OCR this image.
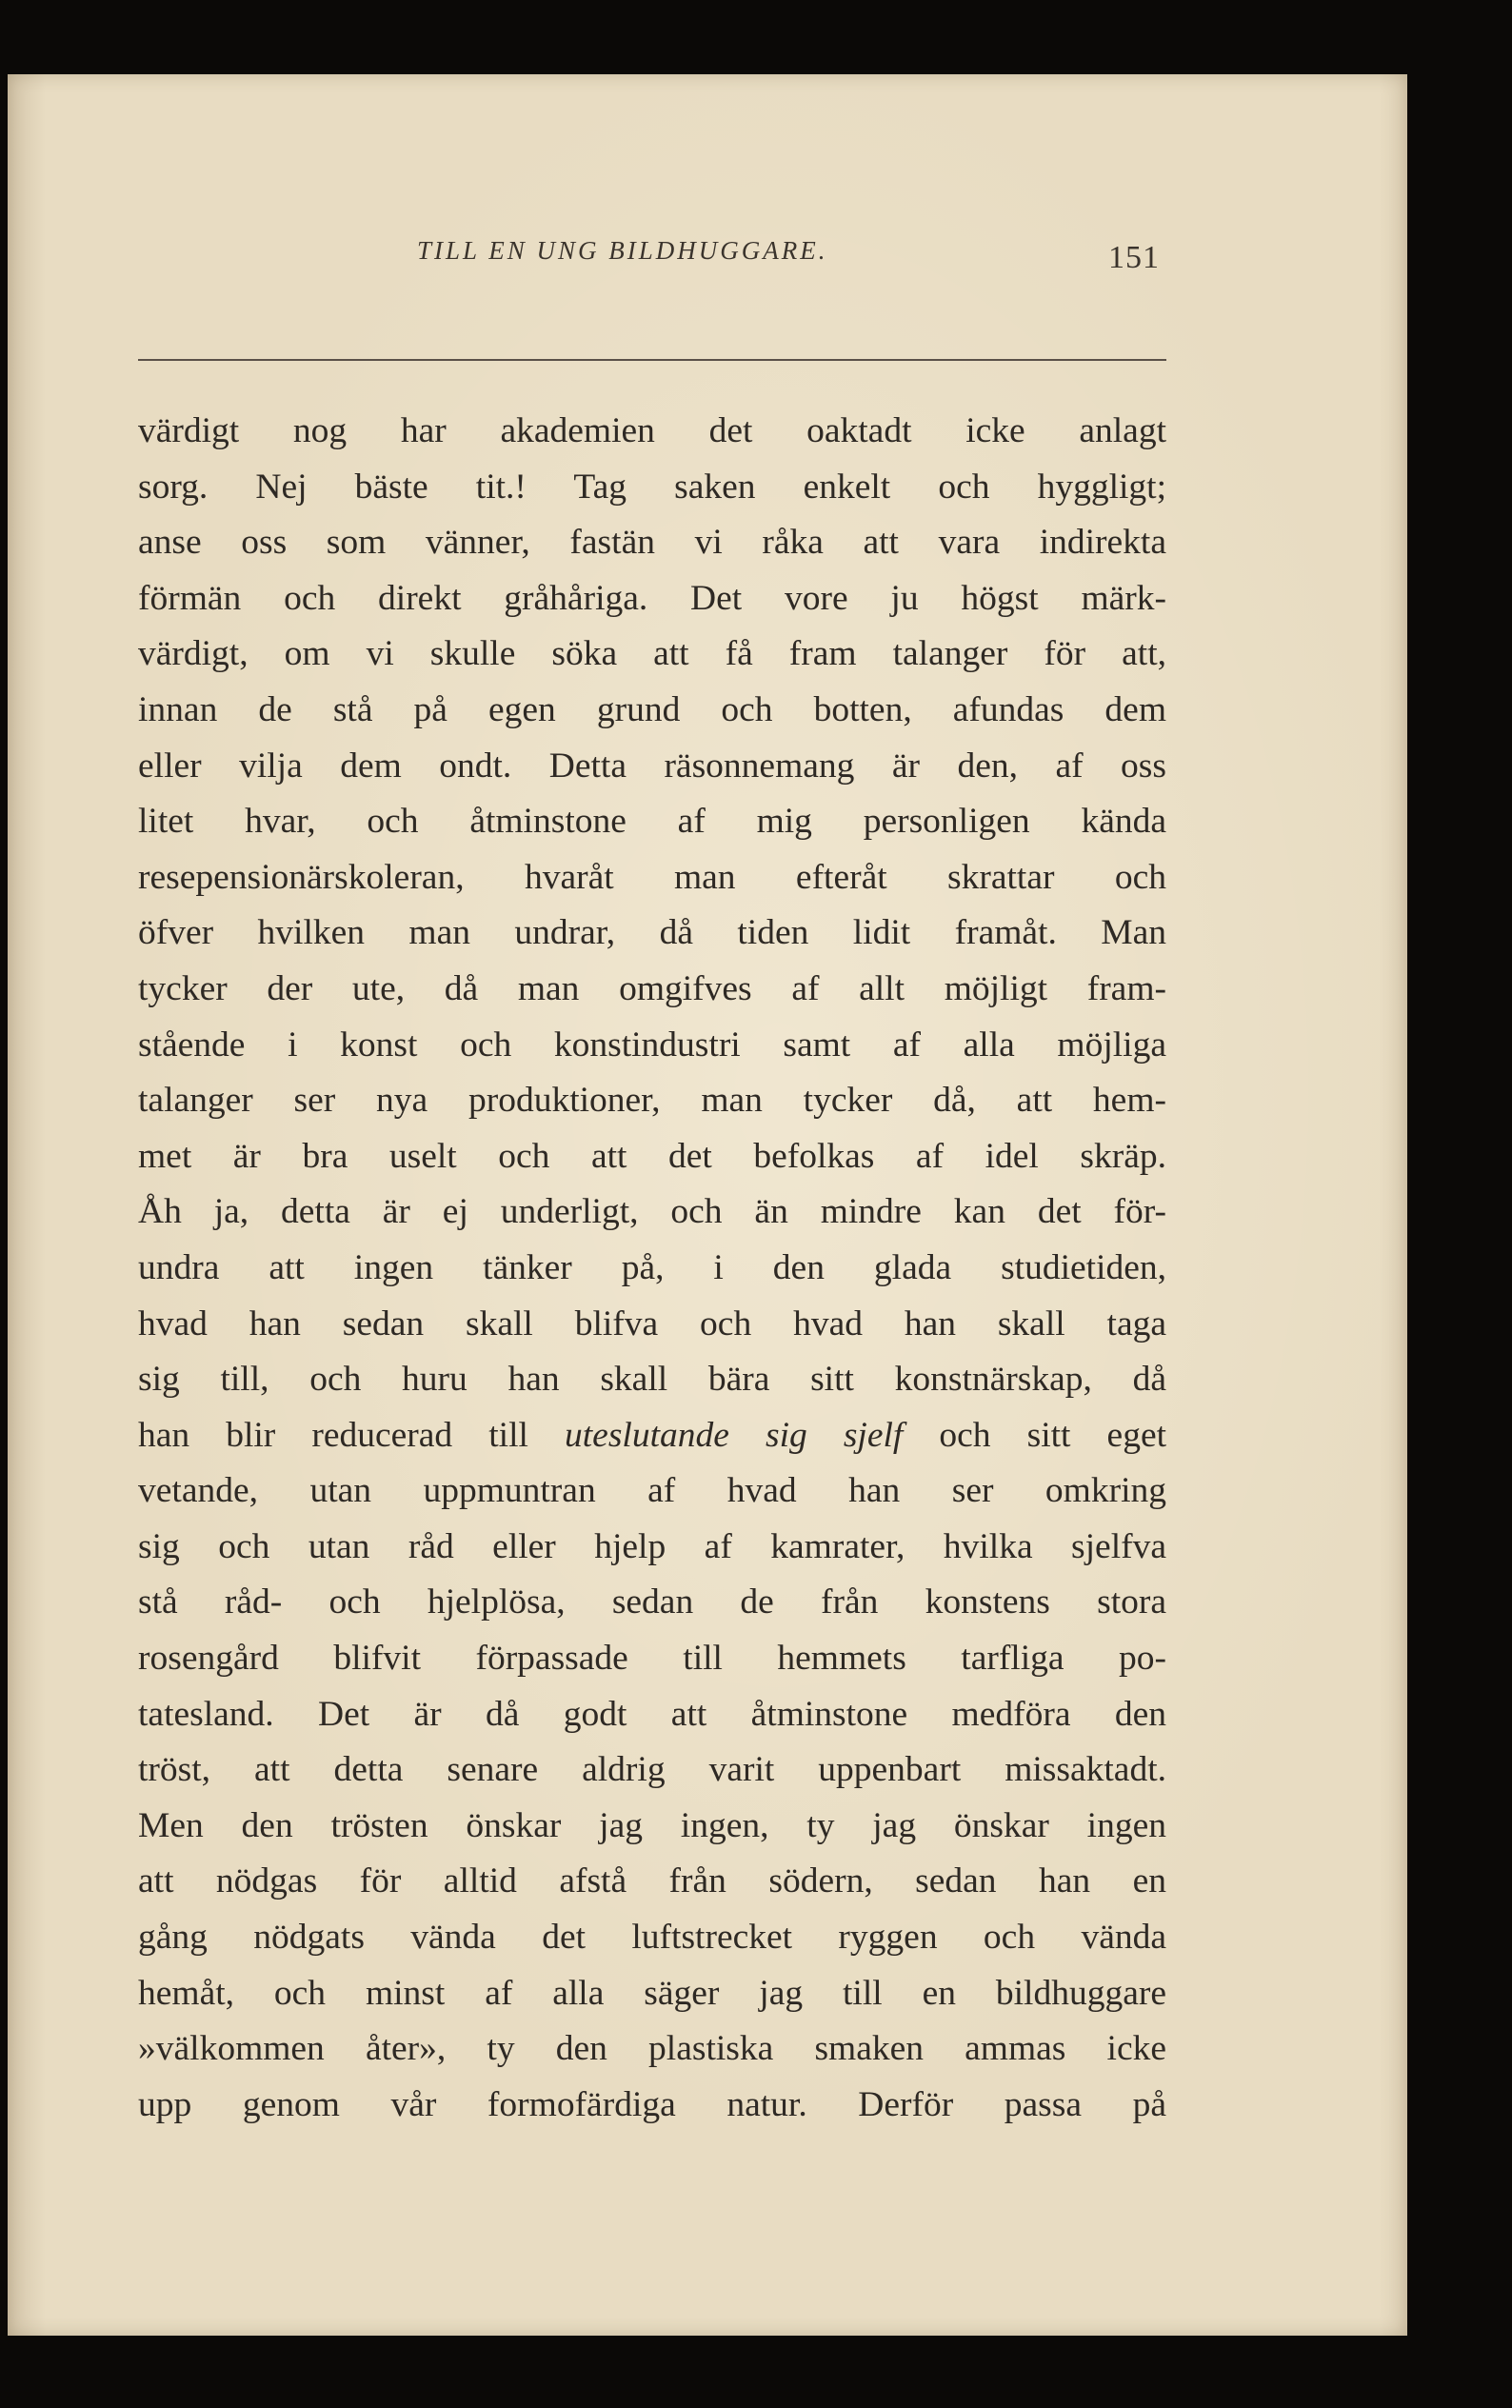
TILL EN UNG BILDHUGGARE.	151
värdigt nog har akademien det oaktadt icke anlagt
sorg. Nej bäste tit.! Tag saken enkelt och hyggligt;
anse oss som vänner, fastän vi råka att vara indirekta
förmän och direkt gråhåriga. Det vore ju högst märk-
värdigt, om vi skulle söka att få fram talanger för att,
innan de stå på egen grund och botten, afundas dem
eller vilja dem ondt. Detta räsonnemang är den, af oss
litet hvar, och åtminstone af mig personligen kända
resepensionärskoleran, hvaråt man efteråt skrattar och
öfver hvilken man undrar, då tiden lidit framåt. Man
tycker der ute, då man omgifves af allt möjligt fram-
stående i konst och konstindustri samt af alla möjliga
talanger ser nya produktioner, man tycker då, att hem-
met är bra uselt och att det befolkas af idel skräp.
Åh ja, detta är ej underligt, och än mindre kan det för-
undra att ingen tänker på, i den glada studietiden,
hvad han sedan skall blifva och hvad han skall taga
sig till, och huru han skall bära sitt konstnärskap, då
han blir reducerad till uteslutande sig sjelf och sitt eget
vetande, utan uppmuntran af hvad han ser omkring
sig och utan råd eller hjelp af kamrater, hvilka sjelfva
stå råd- och hjelplösa, sedan de från konstens stora
rosengård blifvit förpassade till hemmets tarfliga po-
tatesland. Det är då godt att åtminstone medföra den
tröst, att detta senare aldrig varit uppenbart missaktadt.
Men den trösten önskar jag ingen, ty jag önskar ingen
att nödgas för alltid afstå från södern, sedan han en
gång nödgats vända det luftstrecket ryggen och vända
hemåt, och minst af alla säger jag till en bildhuggare
»välkommen åter», ty den plastiska smaken ammas icke
upp genom vår formofärdiga natur. Derför passa på
